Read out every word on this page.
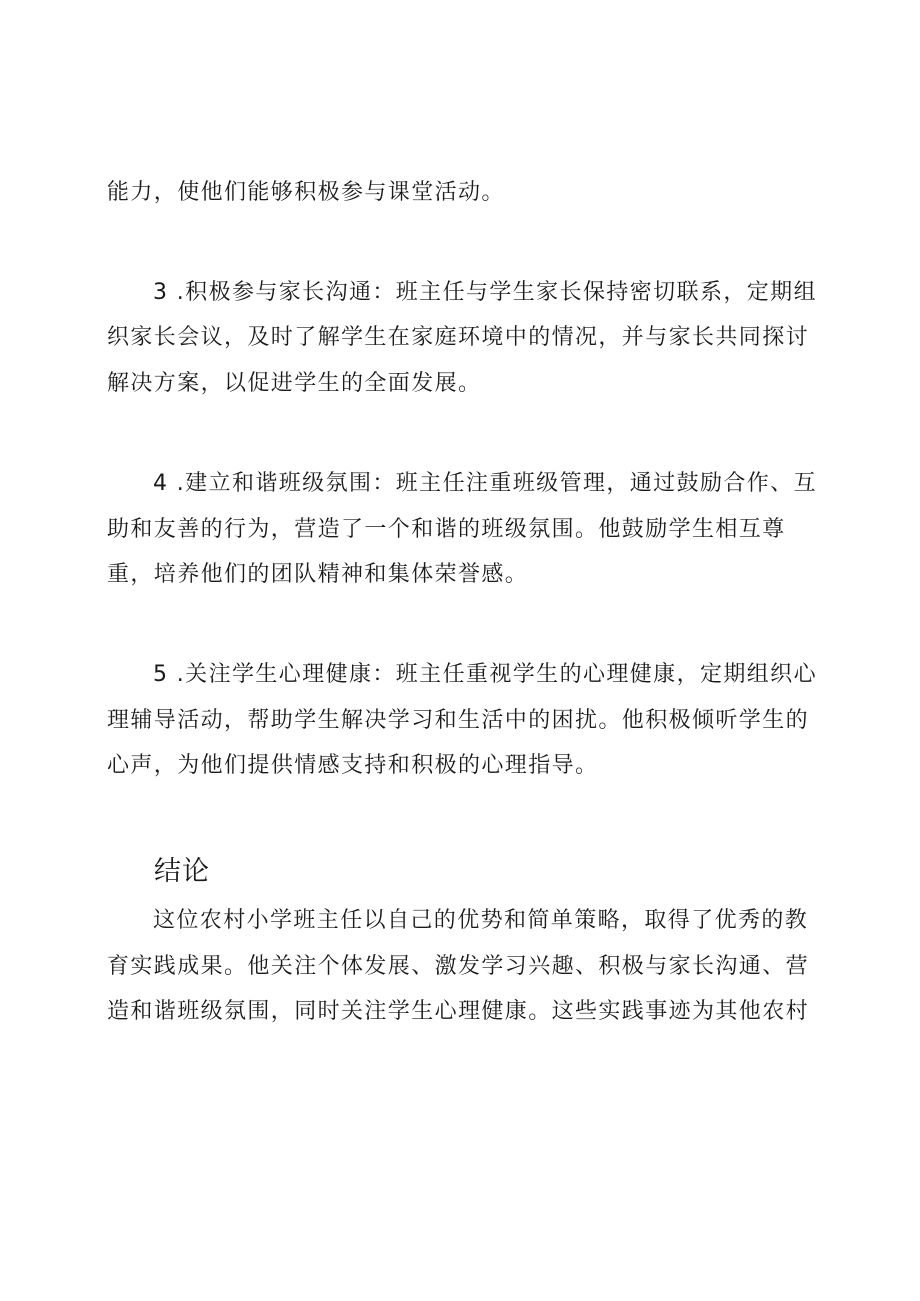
能力，使他们能够积极参与课堂活动。
3 .积极参与家长沟通：班主任与学生家长保持密切联系，定期组
织家长会议，及时了解学生在家庭环境中的情况，并与家长共同探讨
解决方案，以促进学生的全面发展。
4 .建立和谐班级氛围：班主任注重班级管理，通过鼓励合作、互
助和友善的行为，营造了一个和谐的班级氛围。他鼓励学生相互尊
重，培养他们的团队精神和集体荣誉感。
5 .关注学生心理健康：班主任重视学生的心理健康，定期组织心
理辅导活动，帮助学生解决学习和生活中的困扰。他积极倾听学生的
心声，为他们提供情感支持和积极的心理指导。
结论
这位农村小学班主任以自己的优势和简单策略，取得了优秀的教
育实践成果。他关注个体发展、激发学习兴趣、积极与家长沟通、营
造和谐班级氛围，同时关注学生心理健康。这些实践事迹为其他农村
